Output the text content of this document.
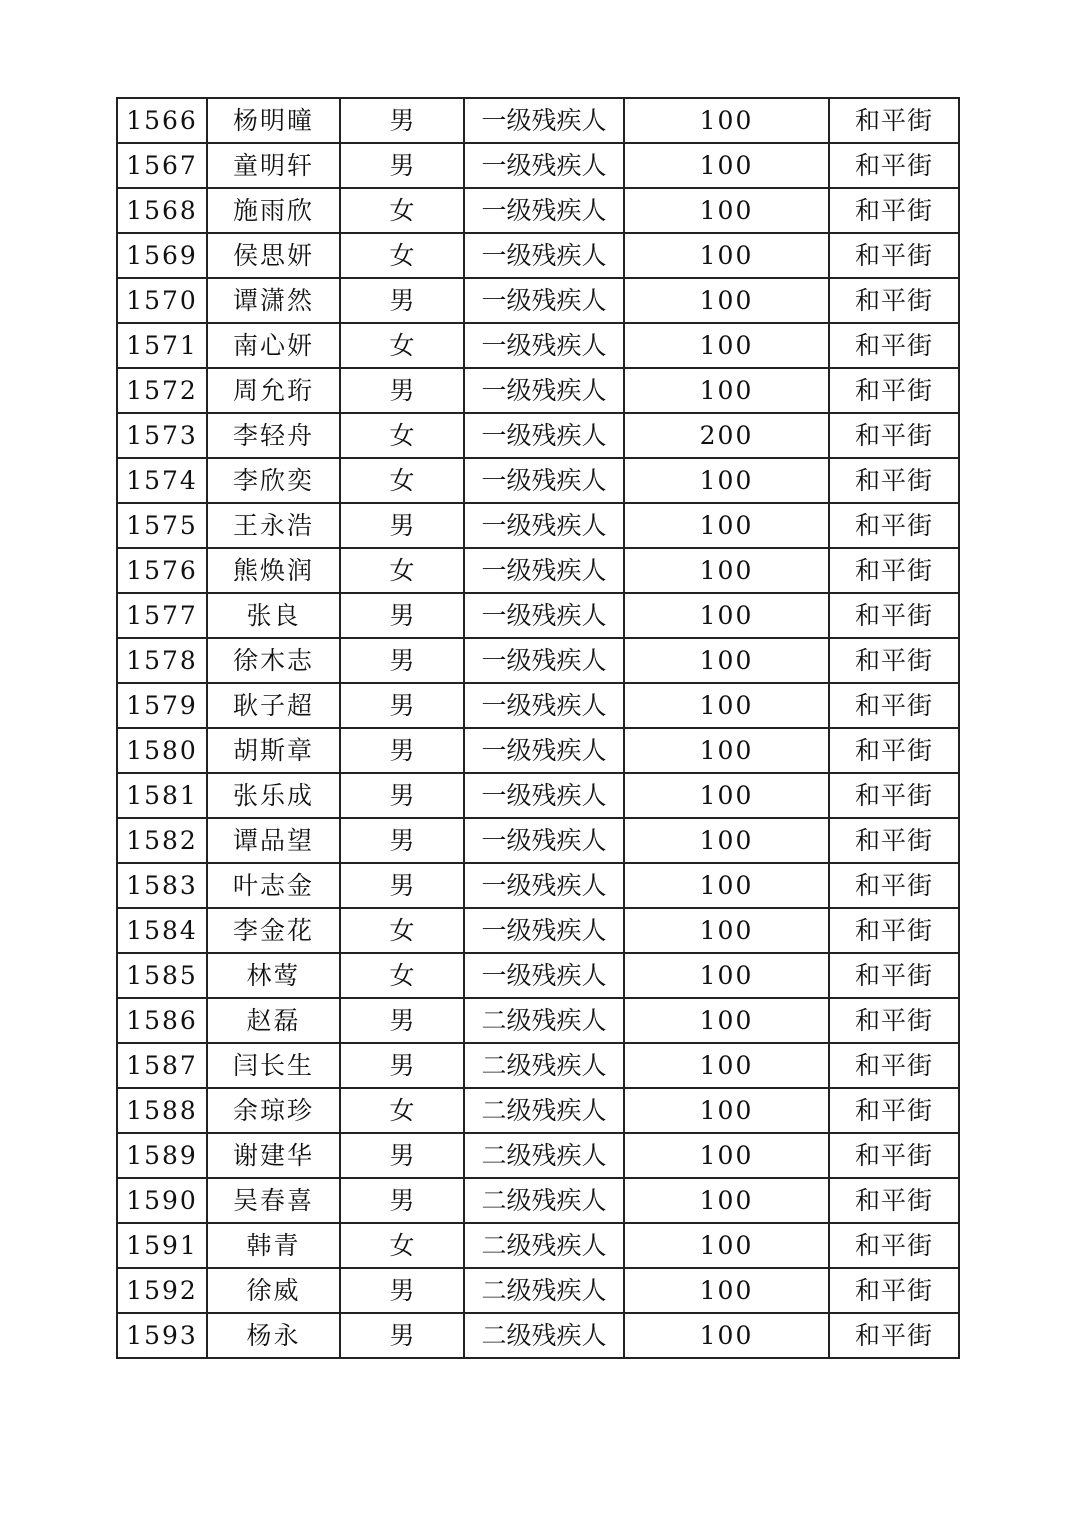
1566	杨明曈	男	一级残疾人	100	和平街
1567	童明轩	男	一级残疾人	100	和平街
1568	施雨欣	女	一级残疾人	100	和平街
1569	侯思妍	女	一级残疾人	100	和平街
1570	谭潇然	男	一级残疾人	100	和平街
1571	南心妍	女	一级残疾人	100	和平街
1572	周允珩	男	一级残疾人	100	和平街
1573	李轻舟	女	一级残疾人	200	和平街
1574	李欣奕	女	一级残疾人	100	和平街
1575	王永浩	男	一级残疾人	100	和平街
1576	熊焕润	女	一级残疾人	100	和平街
1577	张良	男	一级残疾人	100	和平街
1578	徐木志	男	一级残疾人	100	和平街
1579	耿子超	男	一级残疾人	100	和平街
1580	胡斯章	男	一级残疾人	100	和平街
1581	张乐成	男	一级残疾人	100	和平街
1582	谭品望	男	一级残疾人	100	和平街
1583	叶志金	男	一级残疾人	100	和平街
1584	李金花	女	一级残疾人	100	和平街
1585	林莺	女	一级残疾人	100	和平街
1586	赵磊	男	二级残疾人	100	和平街
1587	闫长生	男	二级残疾人	100	和平街
1588	余琼珍	女	二级残疾人	100	和平街
1589	谢建华	男	二级残疾人	100	和平街
1590	吴春喜	男	二级残疾人	100	和平街
1591	韩青	女	二级残疾人	100	和平街
1592	徐威	男	二级残疾人	100	和平街
1593	杨永	男	二级残疾人	100	和平街
